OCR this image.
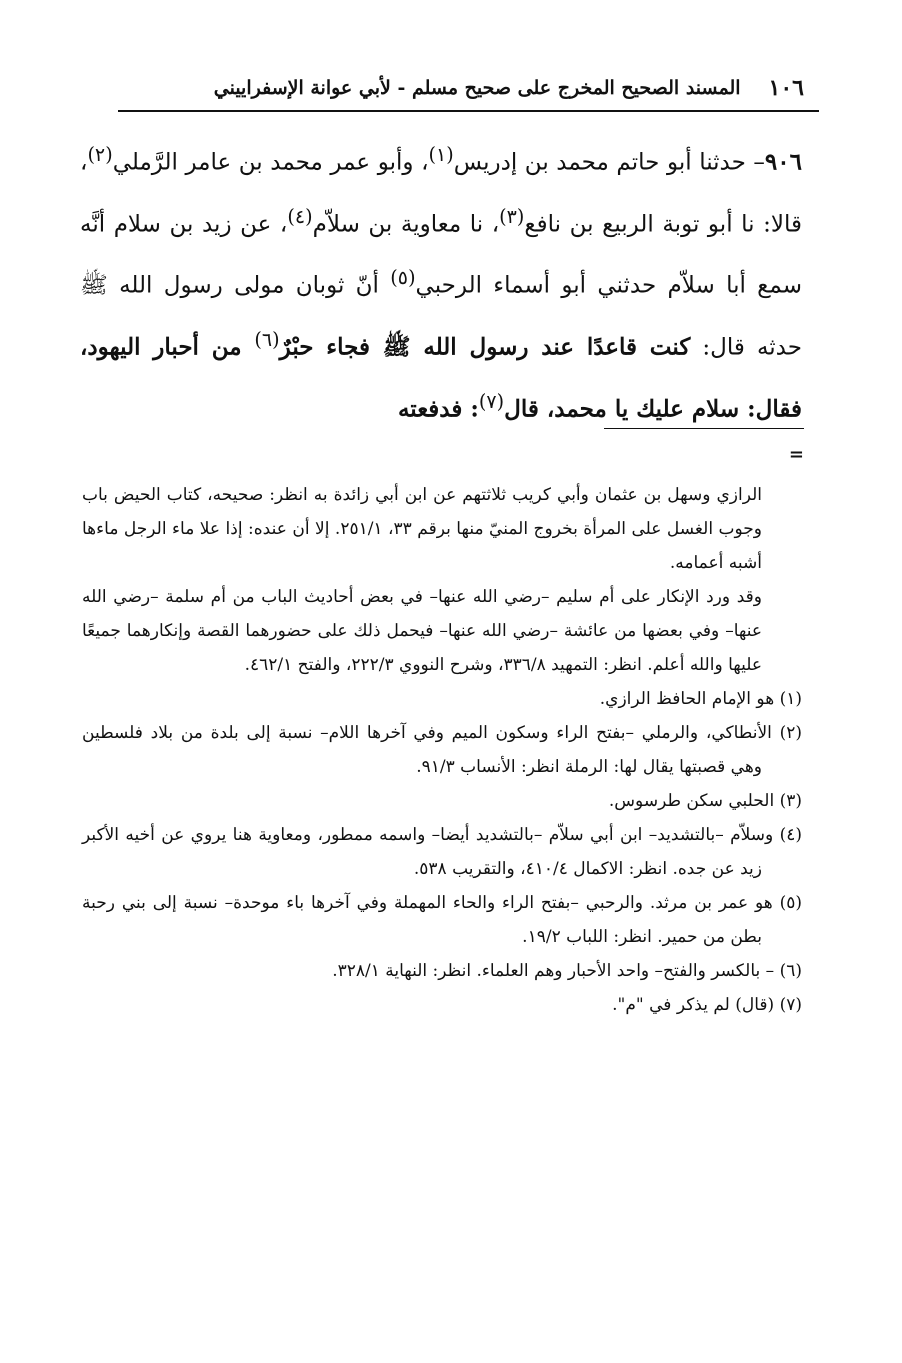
١٠٦
المسند الصحيح المخرج على صحيح مسلم - لأبي عوانة الإسفراييني
٩٠٦– حدثنا أبو حاتم محمد بن إدريس$^{(١)}$، وأبو عمر محمد بن عامر الرَّملي$^{(٢)}$، قالا: نا أبو توبة الربيع بن نافع$^{(٣)}$، نا معاوية بن سلاّم$^{(٤)}$، عن زيد بن سلام أنَّه سمع أبا سلاّم حدثني أبو أسماء الرحبي$^{(٥)}$ أنّ ثوبان مولى رسول الله ﷺ حدثه قال: كنت قاعدًا عند رسول الله ﷺ فجاء حبْرٌ$^{(٦)}$ من أحبار اليهود، فقال: سلام عليك يا محمد، قال$^{(٧)}$: فدفعته
=

الرازي وسهل بن عثمان وأبي كريب ثلاثتهم عن ابن أبي زائدة به انظر: صحيحه، كتاب الحيض باب وجوب الغسل على المرأة بخروج المنيّ منها برقم ٣٣، ٢٥١/١. إلا أن عنده: إذا علا ماء الرجل ماءها أشبه أعمامه.

وقد ورد الإنكار على أم سليم –رضي الله عنها– في بعض أحاديث الباب من أم سلمة –رضي الله عنها– وفي بعضها من عائشة –رضي الله عنها– فيحمل ذلك على حضورهما القصة وإنكارهما جميعًا عليها والله أعلم. انظر: التمهيد ٣٣٦/٨، وشرح النووي ٢٢٢/٣، والفتح ٤٦٢/١.

(١) هو الإمام الحافظ الرازي.

(٢) الأنطاكي، والرملي –بفتح الراء وسكون الميم وفي آخرها اللام– نسبة إلى بلدة من بلاد فلسطين وهي قصبتها يقال لها: الرملة انظر: الأنساب ٩١/٣.

(٣) الحلبي سكن طرسوس.

(٤) وسلاّم –بالتشديد– ابن أبي سلاّم –بالتشديد أيضا– واسمه ممطور، ومعاوية هنا يروي عن أخيه الأكبر زيد عن جده. انظر: الاكمال ٤١٠/٤، والتقريب ٥٣٨.

(٥) هو عمر بن مرثد. والرحبي –بفتح الراء والحاء المهملة وفي آخرها باء موحدة– نسبة إلى بني رحبة بطن من حمير. انظر: اللباب ١٩/٢.

(٦) – بالكسر والفتح– واحد الأحبار وهم العلماء. انظر: النهاية ٣٢٨/١.

(٧) (قال) لم يذكر في "م".
